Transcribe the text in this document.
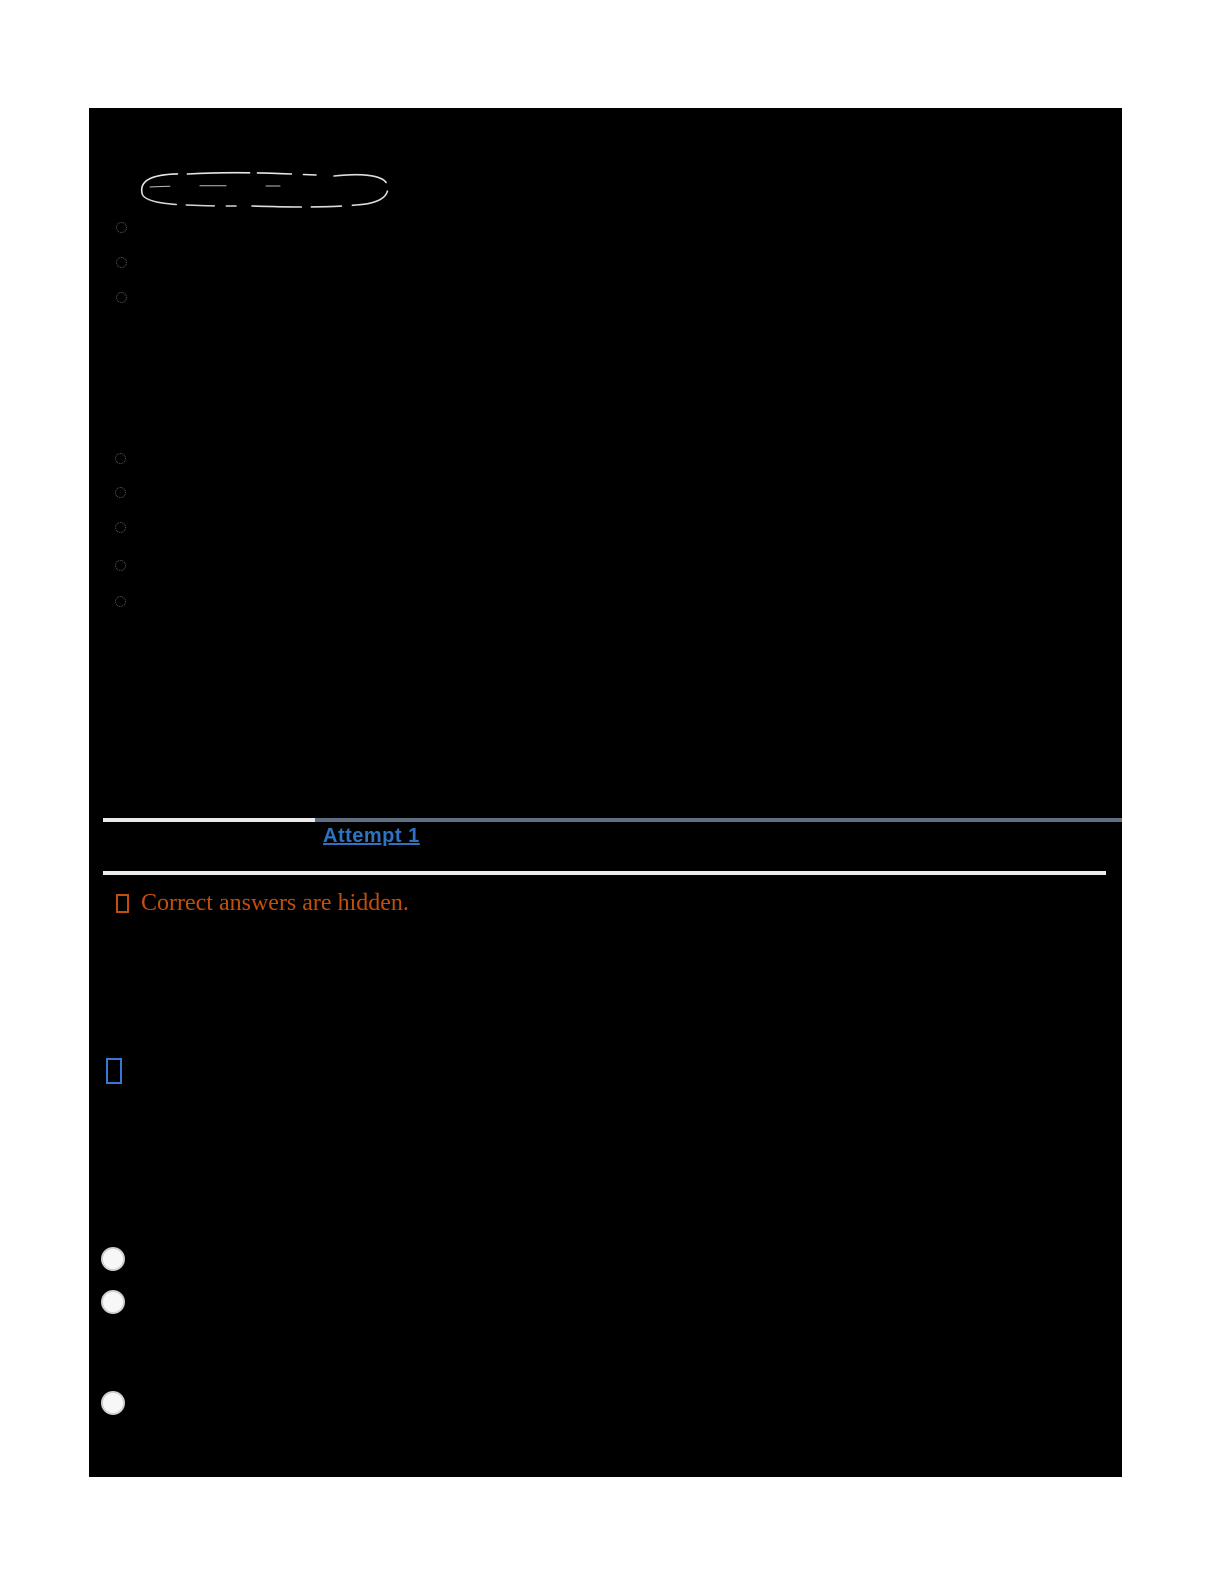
Attempt 1
Correct answers are hidden.
